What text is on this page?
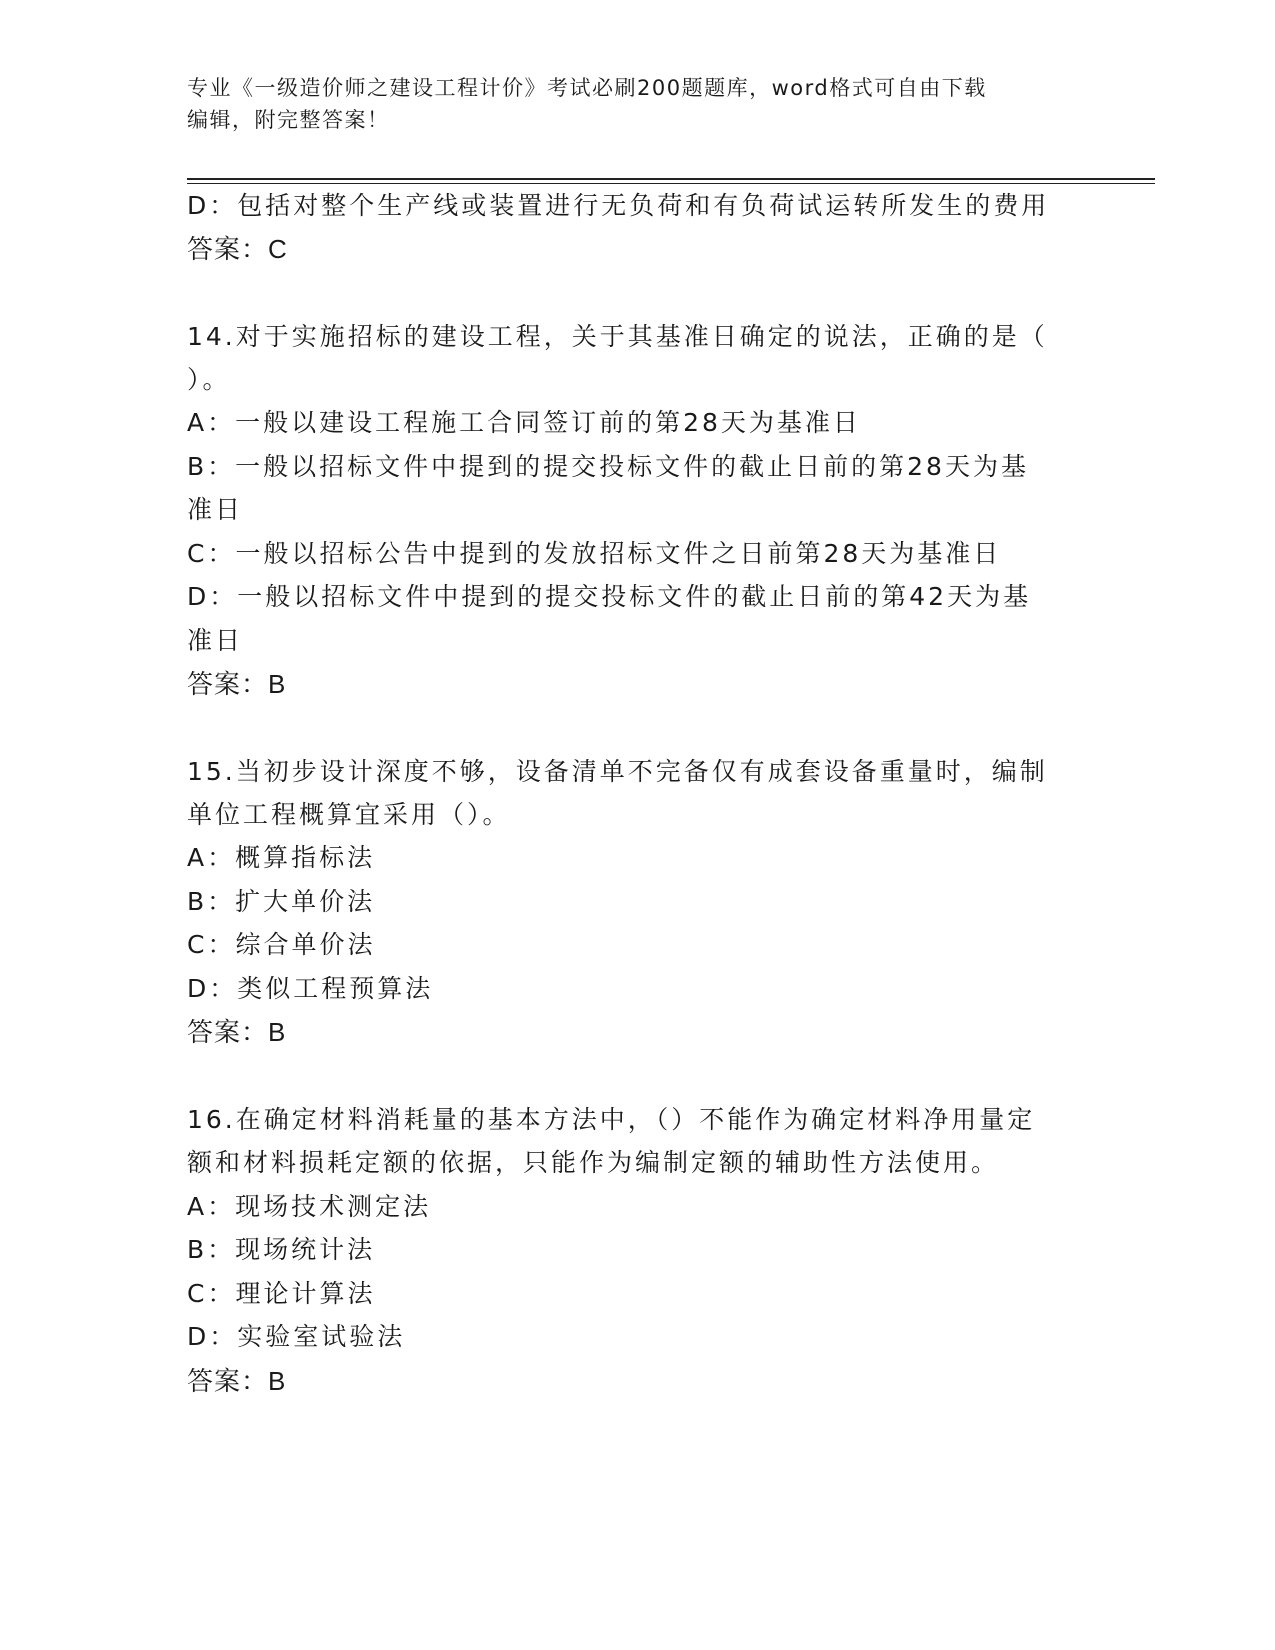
专业《一级造价师之建设工程计价》考试必刷200题题库，word格式可自由下载
编辑，附完整答案！
D：包括对整个生产线或装置进行无负荷和有负荷试运转所发生的费用
答案：C
14.对于实施招标的建设工程，关于其基准日确定的说法，正确的是（
）。
A：一般以建设工程施工合同签订前的第28天为基准日
B：一般以招标文件中提到的提交投标文件的截止日前的第28天为基
准日
C：一般以招标公告中提到的发放招标文件之日前第28天为基准日
D：一般以招标文件中提到的提交投标文件的截止日前的第42天为基
准日
答案：B
15.当初步设计深度不够，设备清单不完备仅有成套设备重量时，编制
单位工程概算宜采用（）。
A：概算指标法
B：扩大单价法
C：综合单价法
D：类似工程预算法
答案：B
16.在确定材料消耗量的基本方法中，（）不能作为确定材料净用量定
额和材料损耗定额的依据，只能作为编制定额的辅助性方法使用。
A：现场技术测定法
B：现场统计法
C：理论计算法
D：实验室试验法
答案：B
